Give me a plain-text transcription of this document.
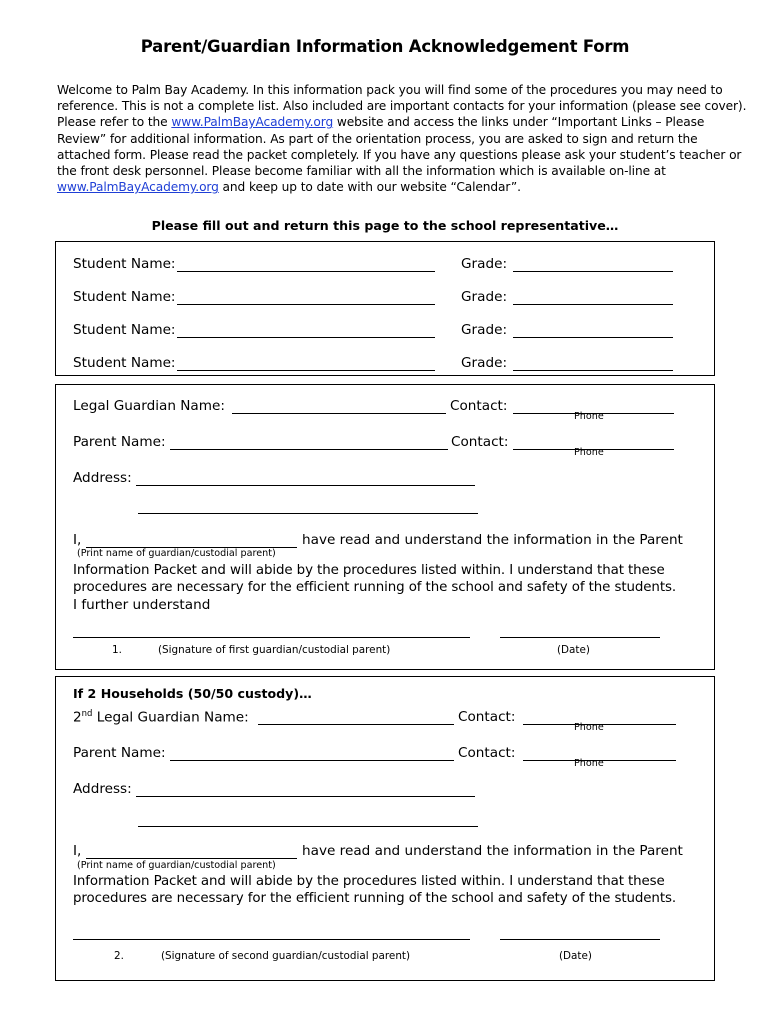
Parent/Guardian Information Acknowledgement Form
Welcome to Palm Bay Academy. In this information pack you will find some of the procedures you may need to reference. This is not a complete list. Also included are important contacts for your information (please see cover). Please refer to the www.PalmBayAcademy.org website and access the links under “Important Links – Please Review” for additional information. As part of the orientation process, you are asked to sign and return the attached form. Please read the packet completely. If you have any questions please ask your student’s teacher or the front desk personnel. Please become familiar with all the information which is available on-line at www.PalmBayAcademy.org and keep up to date with our website “Calendar”.
Please fill out and return this page to the school representative…
Student Name:	Grade:
Student Name:	Grade:
Student Name:	Grade:
Student Name:	Grade:
Legal Guardian Name:	Contact:
Phone
Parent Name:	Contact:
Phone
Address:
I,	have read and understand the information in the Parent
(Print name of guardian/custodial parent)
Information Packet and will abide by the procedures listed within. I understand that these procedures are necessary for the efficient running of the school and safety of the students.
I further understand
1.	(Signature of first guardian/custodial parent)	(Date)
If 2 Households (50/50 custody)…
2nd Legal Guardian Name:	Contact:
Phone
Parent Name:	Contact:
Phone
Address:
I,	have read and understand the information in the Parent
(Print name of guardian/custodial parent)
Information Packet and will abide by the procedures listed within. I understand that these procedures are necessary for the efficient running of the school and safety of the students.
2.	(Signature of second guardian/custodial parent)	(Date)
